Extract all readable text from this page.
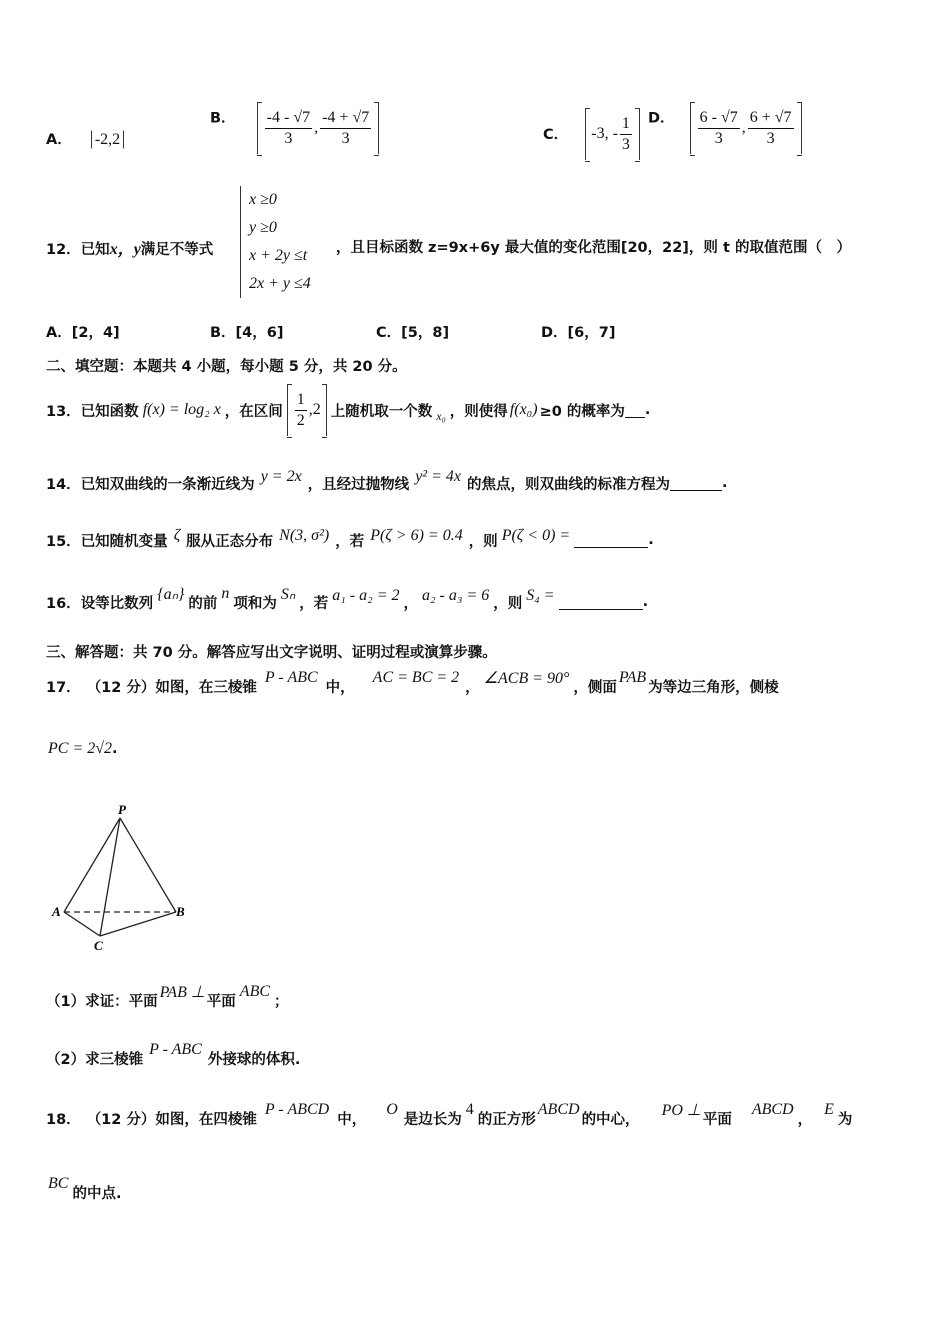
A． -2,2
B． $\frac{-4 - √7}{3}$ , $\frac{-4 + √7}{3}$	C． -3, - $\frac{1}{3}$ D． $\frac{6 - √7}{3}$ , $\frac{6 + √7}{3}$
12．已知x，y满足不等式
x ≥0
y ≥0
x + 2y ≤t
2x + y ≤4
，且目标函数 z=9x+6y 最大值的变化范围[20，22]，则 t 的取值范围（　）
A．[2，4]	B．[4，6]	C．[5，8]	D．[6，7]
二、填空题：本题共 4 小题，每小题 5 分，共 20 分。
13． 已知函数 f(x) = log₂ x ，在区间 $\frac{1}{2} ,2$ 上随机取一个数 x₀ ，则使得 f(x₀) ≥0 的概率为 .
14． 已知双曲线的一条渐近线为 y = 2x ，且经过抛物线 y² = 4x 的焦点，则双曲线的标准方程为	.
15． 已知随机变量 ζ 服从正态分布 N(3, σ²) ，若 P(ζ > 6) = 0.4 ，则 P(ζ < 0) =	.
16． 设等比数列
{aₙ}
的前
n
项和为
Sₙ
，若 a₁ - a₂ = 2 ， a₂ - a₃ = 6 ，则 S₄ =	.
三、解答题：共 70 分。解答应写出文字说明、证明过程或演算步骤。
17． （12 分）如图，在三棱锥
P - ABC
中，
AC = BC = 2
，
∠ACB = 90°
，侧面
PAB
为等边三角形，侧棱
PC = 2√2.
P
A	B
C
（1）求证：平面
PAB ⊥
平面
ABC
；
（2）求三棱锥
P - ABC
外接球的体积.
18． （12 分）如图，在四棱锥
P - ABCD
中，
O
是边长为
4
的正方形
ABCD
的中心，
PO ⊥
平面
ABCD
，
E
为
BC
的中点.
